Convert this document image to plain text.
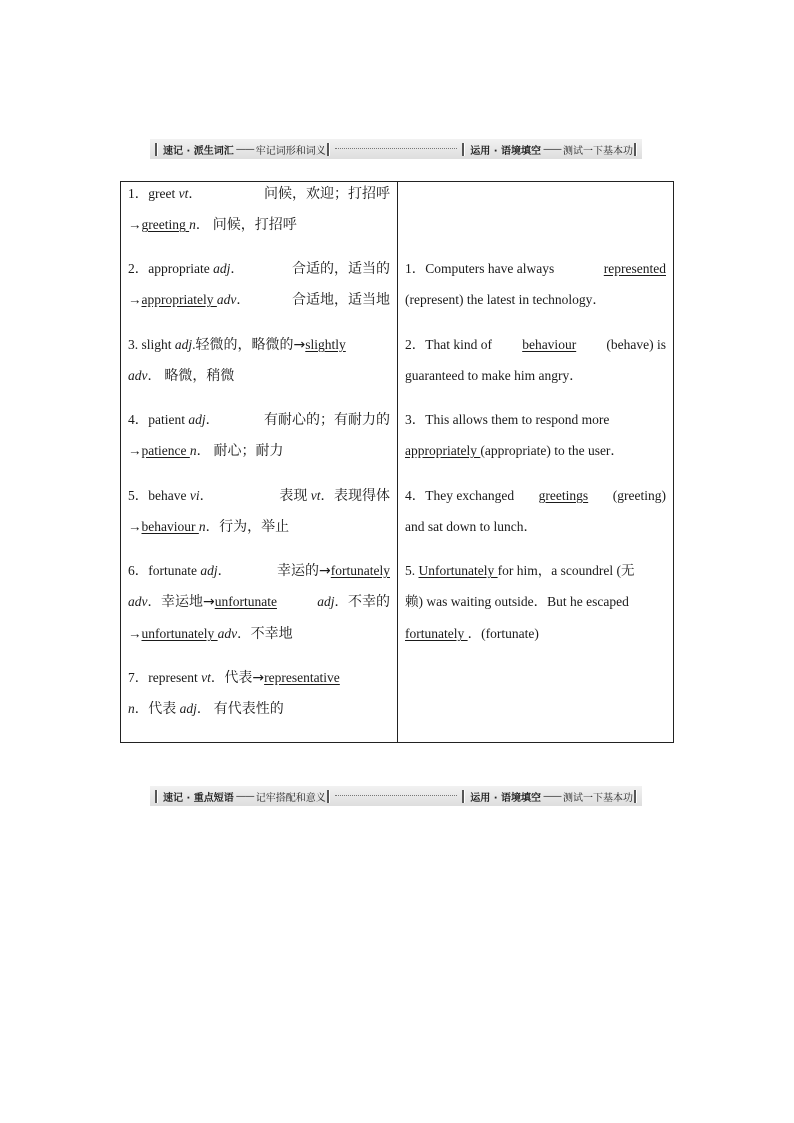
速记 · 派生词汇 —— 牢记词形和词义	运用 · 语境填空 —— 测试一下基本功
1．greet vt．	问候，欢迎；打招呼
→greeting n． 问候，打招呼
2．appropriate adj．	合适的，适当的
→appropriately adv．	合适地，适当地
3. slight adj.轻微的，略微的→slightly
adv． 略微，稍微
4．patient adj．	有耐心的；有耐力的
→patience n． 耐心；耐力
5．behave vi．	表现 vt．表现得体
→behaviour n．行为，举止
6．fortunate adj．	幸运的→fortunately
adv．幸运地→unfortunate	adj．不幸的
→unfortunately adv．不幸地
7．represent vt．代表→representative
n．代表 adj． 有代表性的

1．Computers have always	represented
(represent) the latest in technology．
2．That kind of behaviour (behave) is
guaranteed to make him angry．
3．This allows them to respond more
appropriately (appropriate) to the user．
4．They exchanged greetings (greeting)
and sat down to lunch．
5. Unfortunately for him，a scoundrel (无
赖) was waiting outside．But he escaped
fortunately ．(fortunate)
速记 · 重点短语 —— 记牢搭配和意义	运用 · 语境填空 —— 测试一下基本功
